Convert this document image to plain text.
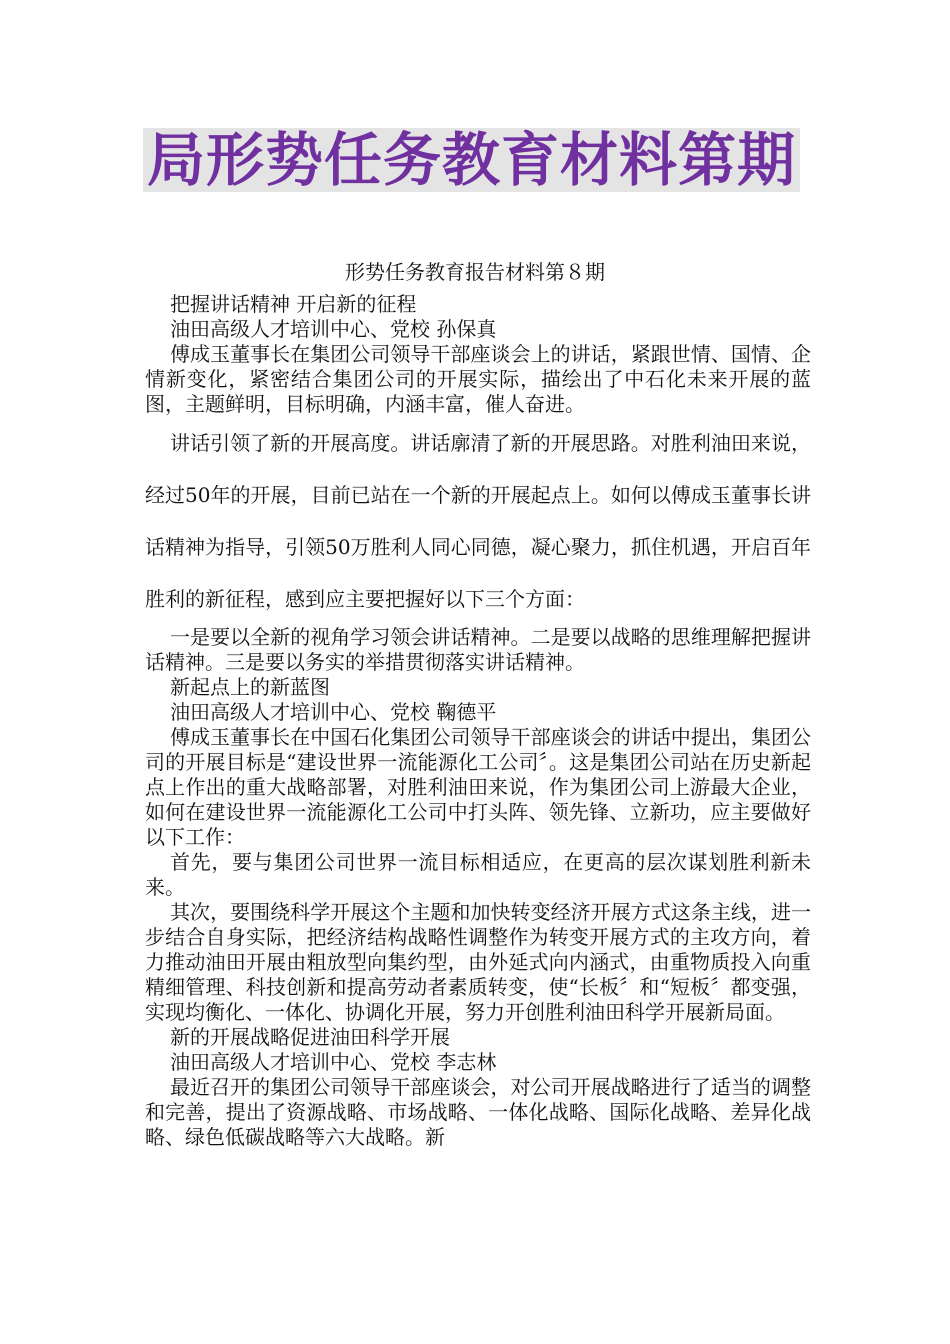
局形势任务教育材料第期
形势任务教育报告材料第８期

把握讲话精神 开启新的征程

油田高级人才培训中心、党校 孙保真

傅成玉董事长在集团公司领导干部座谈会上的讲话，紧跟世情、国情、企情新变化，紧密结合集团公司的开展实际，描绘出了中石化未来开展的蓝图，主题鲜明，目标明确，内涵丰富，催人奋进。

讲话引领了新的开展高度。讲话廓清了新的开展思路。对胜利油田来说，经过50年的开展，目前已站在一个新的开展起点上。如何以傅成玉董事长讲话精神为指导，引领50万胜利人同心同德，凝心聚力，抓住机遇，开启百年胜利的新征程，感到应主要把握好以下三个方面：

一是要以全新的视角学习领会讲话精神。二是要以战略的思维理解把握讲话精神。三是要以务实的举措贯彻落实讲话精神。

新起点上的新蓝图

油田高级人才培训中心、党校 鞠德平

傅成玉董事长在中国石化集团公司领导干部座谈会的讲话中提出，集团公司的开展目标是“建设世界一流能源化工公司〞。这是集团公司站在历史新起点上作出的重大战略部署，对胜利油田来说，作为集团公司上游最大企业，如何在建设世界一流能源化工公司中打头阵、领先锋、立新功，应主要做好以下工作：

首先，要与集团公司世界一流目标相适应，在更高的层次谋划胜利新未来。

其次，要围绕科学开展这个主题和加快转变经济开展方式这条主线，进一步结合自身实际，把经济结构战略性调整作为转变开展方式的主攻方向，着力推动油田开展由粗放型向集约型，由外延式向内涵式，由重物质投入向重精细管理、科技创新和提高劳动者素质转变，使“长板〞和“短板〞都变强，实现均衡化、一体化、协调化开展，努力开创胜利油田科学开展新局面。

新的开展战略促进油田科学开展

油田高级人才培训中心、党校 李志林

最近召开的集团公司领导干部座谈会，对公司开展战略进行了适当的调整和完善，提出了资源战略、市场战略、一体化战略、国际化战略、差异化战略、绿色低碳战略等六大战略。新
